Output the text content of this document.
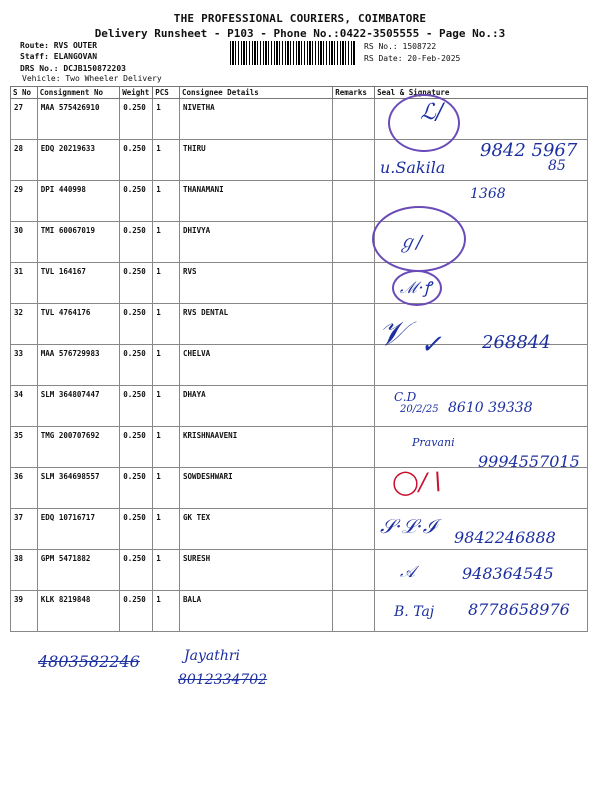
THE PROFESSIONAL COURIERS, COIMBATORE
Delivery Runsheet - P103 - Phone No.:0422-3505555 - Page No.:3
Route: RVS OUTER
Staff: ELANGOVAN
DRS No.: DCJB150872203
Vehicle: Two Wheeler Delivery
RS No.: 1508722
RS Date: 20-Feb-2025
S No	Consignment No	Weight	PCS	Consignee Details	Remarks	Seal & Signature
27	MAA 575426910	0.250	1	NIVETHA		
28	EDQ 20219633	0.250	1	THIRU		
29	DPI 440998	0.250	1	THANAMANI		
30	TMI 60067019	0.250	1	DHIVYA		
31	TVL 164167	0.250	1	RVS		
32	TVL 4764176	0.250	1	RVS DENTAL		
33	MAA 576729983	0.250	1	CHELVA		
34	SLM 364807447	0.250	1	DHAYA		
35	TMG 200707692	0.250	1	KRISHNAAVENI		
36	SLM 364698557	0.250	1	SOWDESHWARI		
37	EDQ 10716717	0.250	1	GK TEX		
38	GPM 5471882	0.250	1	SURESH		
39	KLK 8219848	0.250	1	BALA		
ℒ/
u.Sakila
9842 5967
85
1368
ℊ/
ℳ·ꝭ
𝒱 ✓ 268844
C.D
20/2/25 8610 39338
Pravani
9994557015
◯∕∖
𝒮·ℒ·ℐ 9842246888
𝒜	948364545
B. Taj 8778658976
4803582246	Jayathri
8012334702
